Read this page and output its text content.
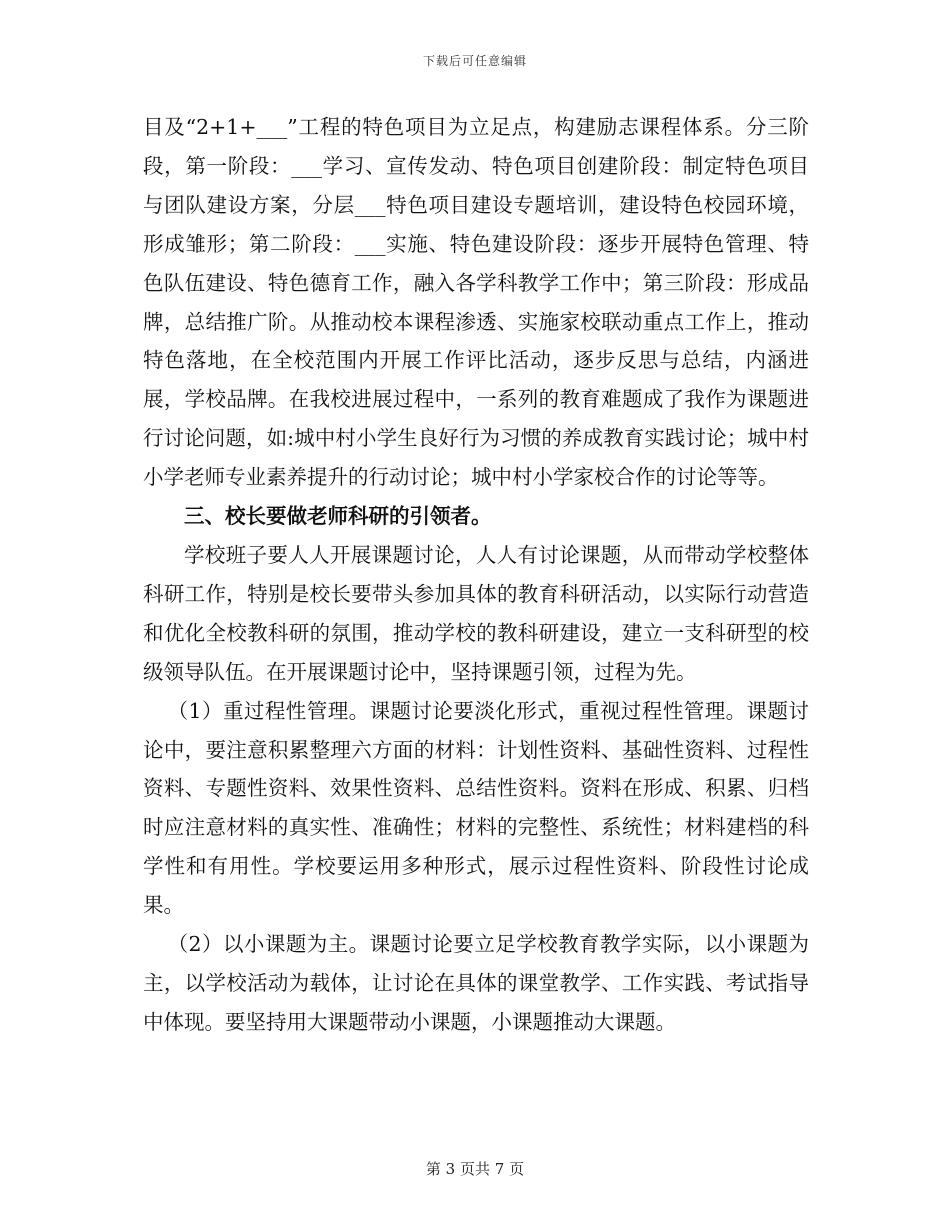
下载后可任意编辑

目及“2+1+___”工程的特色项目为立足点，构建励志课程体系。分三阶段，第一阶段：___学习、宣传发动、特色项目创建阶段：制定特色项目与团队建设方案，分层___特色项目建设专题培训，建设特色校园环境，形成雏形；第二阶段：___实施、特色建设阶段：逐步开展特色管理、特色队伍建设、特色德育工作，融入各学科教学工作中；第三阶段：形成品牌，总结推广阶。从推动校本课程渗透、实施家校联动重点工作上，推动特色落地，在全校范围内开展工作评比活动，逐步反思与总结，内涵进展，学校品牌。在我校进展过程中，一系列的教育难题成了我作为课题进行讨论问题，如:城中村小学生良好行为习惯的养成教育实践讨论；城中村小学老师专业素养提升的行动讨论；城中村小学家校合作的讨论等等。

三、校长要做老师科研的引领者。

学校班子要人人开展课题讨论，人人有讨论课题，从而带动学校整体科研工作，特别是校长要带头参加具体的教育科研活动，以实际行动营造和优化全校教科研的氛围，推动学校的教科研建设，建立一支科研型的校级领导队伍。在开展课题讨论中，坚持课题引领，过程为先。

（1）重过程性管理。课题讨论要淡化形式，重视过程性管理。课题讨论中，要注意积累整理六方面的材料：计划性资料、基础性资料、过程性资料、专题性资料、效果性资料、总结性资料。资料在形成、积累、归档时应注意材料的真实性、准确性；材料的完整性、系统性；材料建档的科学性和有用性。学校要运用多种形式，展示过程性资料、阶段性讨论成果。

（2）以小课题为主。课题讨论要立足学校教育教学实际，以小课题为主，以学校活动为载体，让讨论在具体的课堂教学、工作实践、考试指导中体现。要坚持用大课题带动小课题，小课题推动大课题。

第 3 页共 7 页
